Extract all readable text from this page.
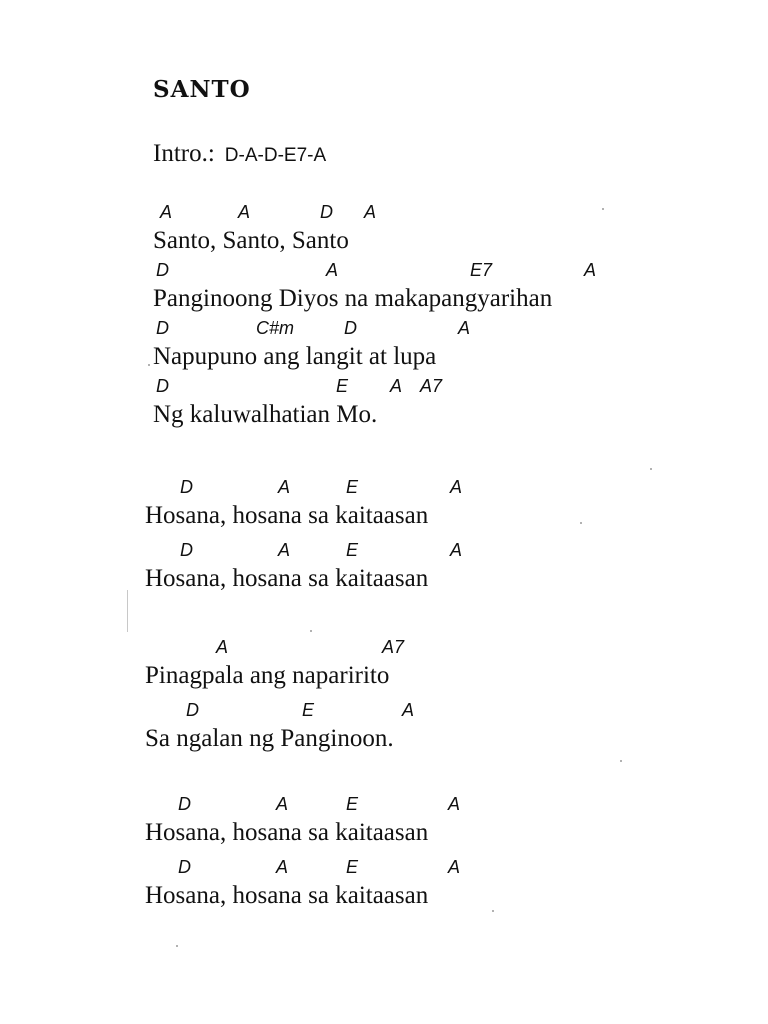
SANTO
Intro.: D-A-D-E7-A
A	A	D A
Santo, Santo, Santo
D	A	E7	A
Panginoong Diyos na makapangyarihan
D	C#m	D	A
Napupuno ang langit at lupa
D	E A A7
Ng kaluwalhatian Mo.
D	A	E	A
Hosana, hosana sa kaitaasan
D	A	E	A
Hosana, hosana sa kaitaasan
A	A7
Pinagpala ang naparirito
D	E	A
Sa ngalan ng Panginoon.
D	A	E	A
Hosana, hosana sa kaitaasan
D	A	E	A
Hosana, hosana sa kaitaasan
